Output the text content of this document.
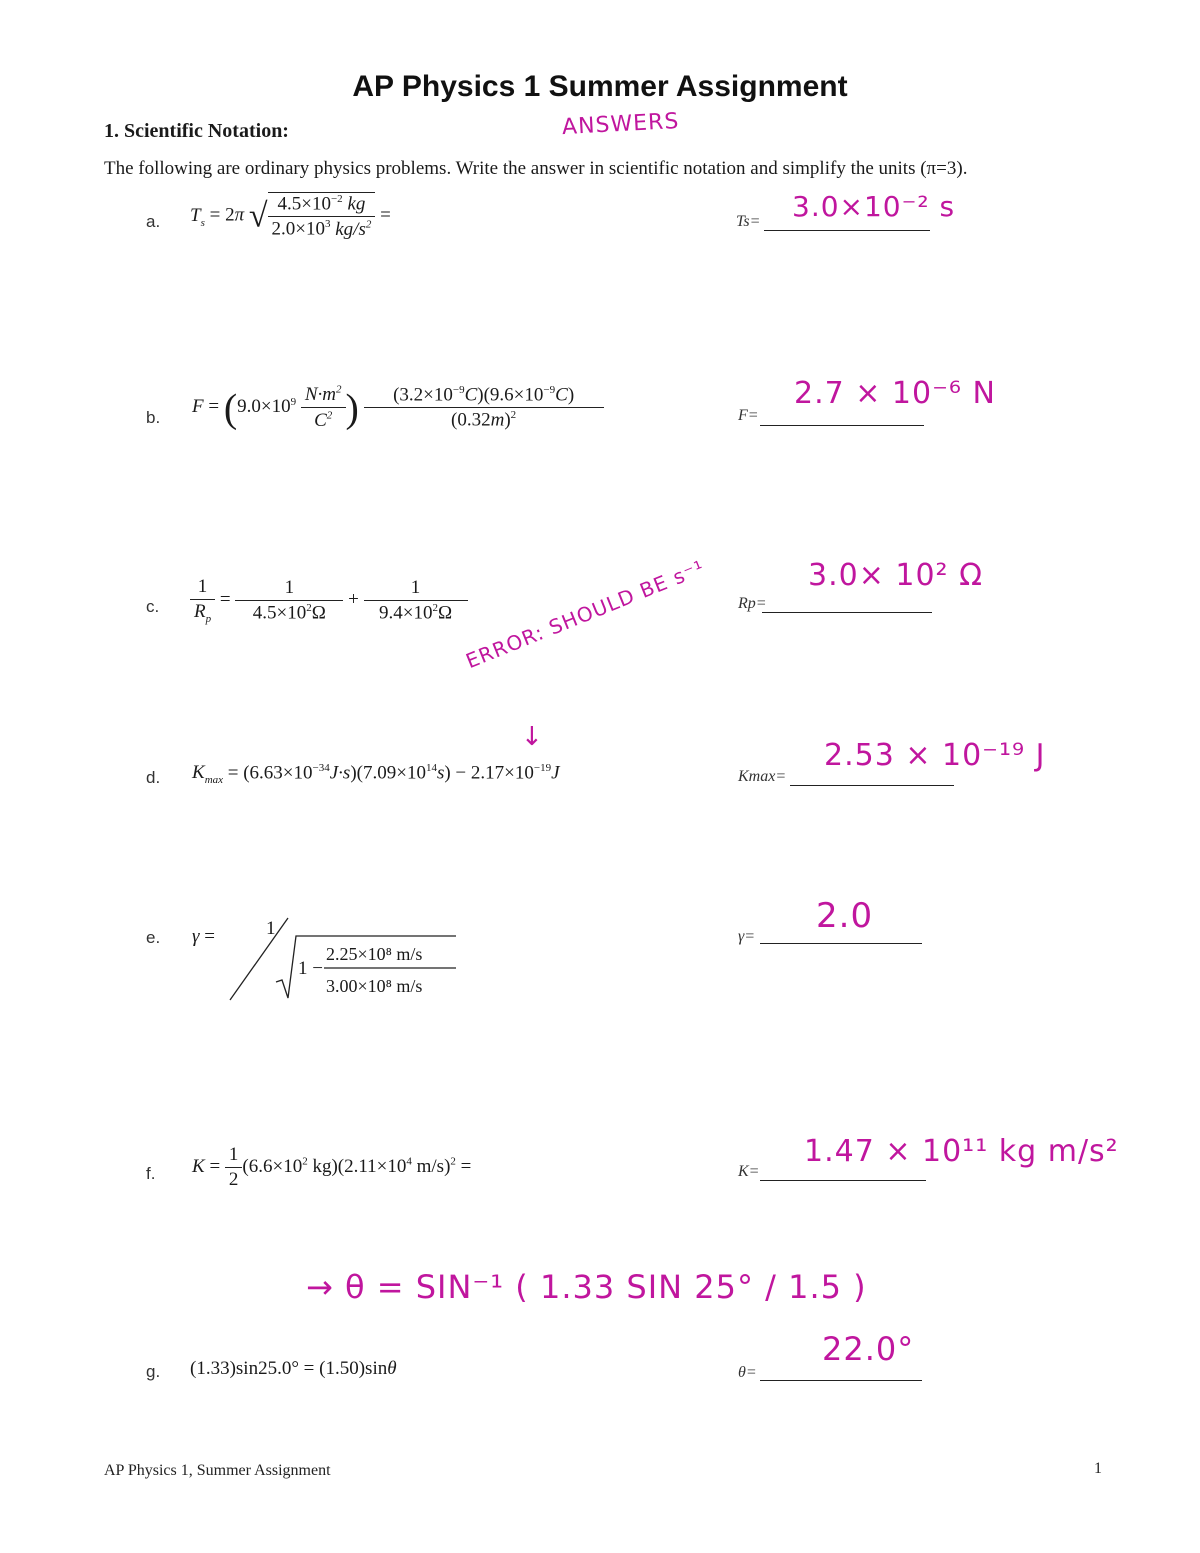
AP Physics 1 Summer Assignment
1. Scientific Notation:	ANSWERS
The following are ordinary physics problems. Write the answer in scientific notation and simplify the units (π=3).
a. $T_s = 2\pi$ √ $\frac{4.5\times 10^{-2} kg}{2.0\times 10^3 kg/s^2}$ =	Ts= 3.0×10⁻² s
b.
$F = (9.0\times 10^9 \frac{N\cdot m^2}{C^2}$ ) $\frac{(3.2\times 10^{-9}C)(9.6\times 10^{-9}C)}{(0.32m)^2}$	F=
2.7 × 10⁻⁶ N
c. $\frac{1}{R_p} = \frac{1}{4.5\times 10^2\Omega} + \frac{1}{9.4\times 10^2\Omega}$	Rp=
3.0× 10² Ω
ERROR: SHOULD BE s⁻¹
↓
d. $K_{max} = (6.63\times 10^{-34}J\cdot s)(7.09\times 10^{14}s) - 2.17\times 10^{-19}J$	Kmax=
2.53 × 10⁻¹⁹ J
e. γ =	1
1 −
2.25×10⁸ m/s
3.00×10⁸ m/s
γ=
2.0
f. $K = \frac{1}{2} (6.6\times 10^2$ $kg)(2.11\times 10^4$ m/s)$^2$ =	K=
1.47 × 10¹¹ kg m/s²
→ θ = SIN⁻¹ ( 1.33 SIN 25° / 1.5 )
g. (1.33)sin25.0° = (1.50)sinθ	θ=
22.0°
AP Physics 1, Summer Assignment	1
